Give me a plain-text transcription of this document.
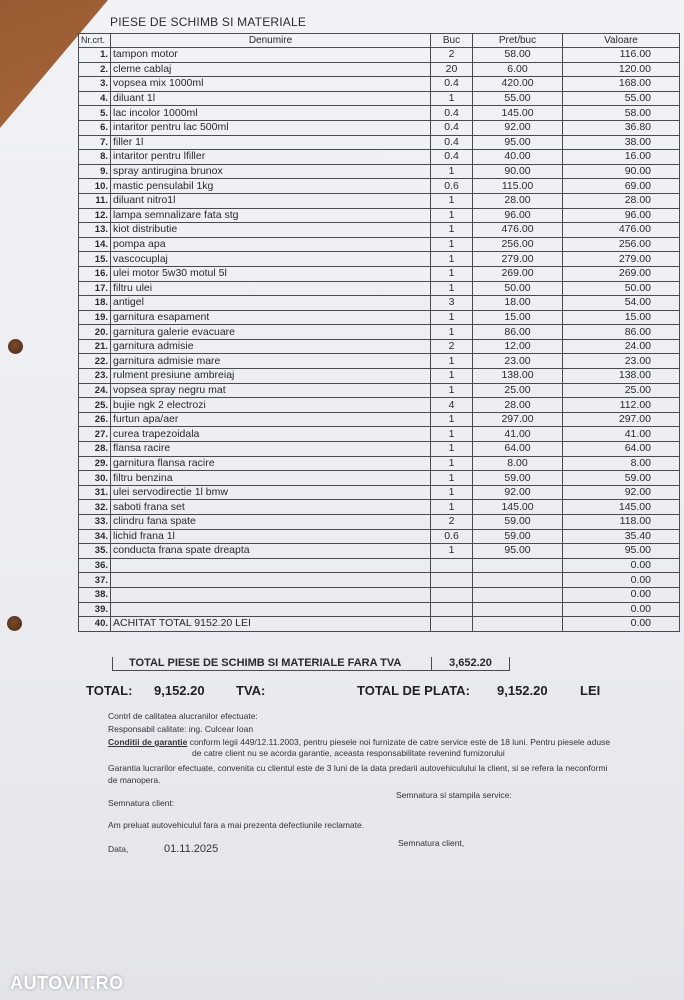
PIESE DE SCHIMB SI MATERIALE
Nr.crt.	Denumire	Buc	Pret/buc	Valoare
1.	tampon motor	2	58.00	116.00
2.	cleme cablaj	20	6.00	120.00
3.	vopsea mix 1000ml	0.4	420.00	168.00
4.	diluant 1l	1	55.00	55.00
5.	lac incolor 1000ml	0.4	145.00	58.00
6.	intaritor pentru lac 500ml	0.4	92.00	36.80
7.	filler 1l	0.4	95.00	38.00
8.	intaritor pentru lfiller	0.4	40.00	16.00
9.	spray antirugina brunox	1	90.00	90.00
10.	mastic pensulabil 1kg	0.6	115.00	69.00
11.	diluant nitro1l	1	28.00	28.00
12.	lampa semnalizare fata stg	1	96.00	96.00
13.	kiot distributie	1	476.00	476.00
14.	pompa apa	1	256.00	256.00
15.	vascocuplaj	1	279.00	279.00
16.	ulei motor 5w30 motul 5l	1	269.00	269.00
17.	filtru ulei	1	50.00	50.00
18.	antigel	3	18.00	54.00
19.	garnitura esapament	1	15.00	15.00
20.	garnitura galerie evacuare	1	86.00	86.00
21.	garnitura admisie	2	12.00	24.00
22.	garnitura admisie mare	1	23.00	23.00
23.	rulment presiune ambreiaj	1	138.00	138.00
24.	vopsea spray negru mat	1	25.00	25.00
25.	bujie ngk 2 electrozi	4	28.00	112.00
26.	furtun apa/aer	1	297.00	297.00
27.	curea trapezoidala	1	41.00	41.00
28.	flansa racire	1	64.00	64.00
29.	garnitura flansa racire	1	8.00	8.00
30.	filtru benzina	1	59.00	59.00
31.	ulei servodirectie 1l bmw	1	92.00	92.00
32.	saboti frana set	1	145.00	145.00
33.	clindru fana spate	2	59.00	118.00
34.	lichid frana 1l	0.6	59.00	35.40
35.	conducta frana spate dreapta	1	95.00	95.00
36.				0.00
37.				0.00
38.				0.00
39.				0.00
40.	ACHITAT TOTAL 9152.20 LEI			0.00
TOTAL PIESE DE SCHIMB SI MATERIALE FARA TVA	3,652.20
TOTAL: 9,152.20 TVA:	TOTAL DE PLATA: 9,152.20 LEI
Contrl de calitatea alucranilor efectuate:
Responsabil calitate: ing. Culcear Ioan
Conditii de garantie conform legii 449/12.11.2003, pentru piesele noi furnizate de catre service este de 18 luni. Pentru piesele aduse
de catre client nu se acorda garantie, aceasta responsabilitate revenind furnizorului
Garantia lucrarilor efectuate, convenita cu clientul este de 3 luni de la data predarii autovehiculului la client, si se refera la neconformi
de manopera.
Semnatura client:
Semnatura si stampila service:
Am preluat autovehiculul fara a mai prezenta defectiunile reclamate.
Data,	01.11.2025	Semnatura client,
AUTOVIT.RO
